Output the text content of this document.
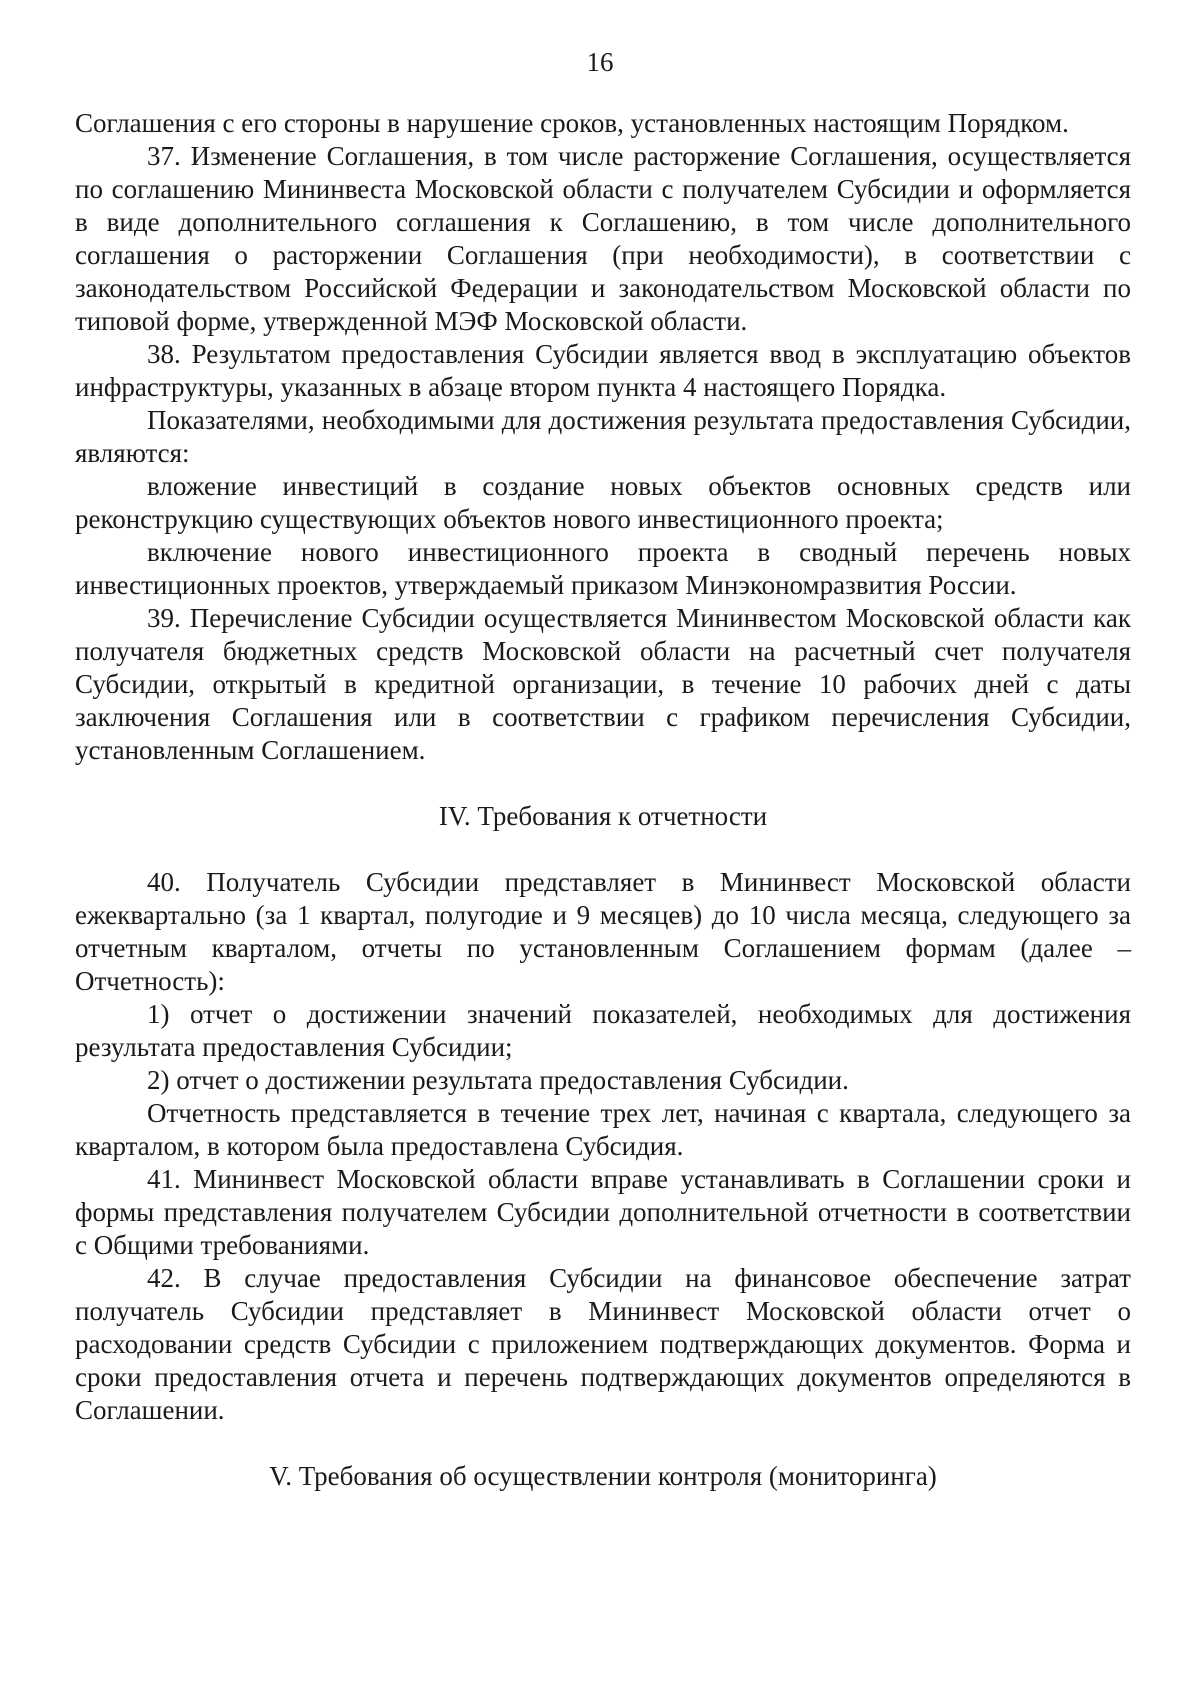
16

Соглашения с его стороны в нарушение сроков, установленных настоящим Порядком.

37. Изменение Соглашения, в том числе расторжение Соглашения, осуществляется по соглашению Мининвеста Московской области с получателем Субсидии и оформляется в виде дополнительного соглашения к Соглашению, в том числе дополнительного соглашения о расторжении Соглашения (при необходимости), в соответствии с законодательством Российской Федерации и законодательством Московской области по типовой форме, утвержденной МЭФ Московской области.

38. Результатом предоставления Субсидии является ввод в эксплуатацию объектов инфраструктуры, указанных в абзаце втором пункта 4 настоящего Порядка.

Показателями, необходимыми для достижения результата предоставления Субсидии, являются:

вложение инвестиций в создание новых объектов основных средств или реконструкцию существующих объектов нового инвестиционного проекта;

включение нового инвестиционного проекта в сводный перечень новых инвестиционных проектов, утверждаемый приказом Минэкономразвития России.

39. Перечисление Субсидии осуществляется Мининвестом Московской области как получателя бюджетных средств Московской области на расчетный счет получателя Субсидии, открытый в кредитной организации, в течение 10 рабочих дней с даты заключения Соглашения или в соответствии с графиком перечисления Субсидии, установленным Соглашением.

IV. Требования к отчетности

40. Получатель Субсидии представляет в Мининвест Московской области ежеквартально (за 1 квартал, полугодие и 9 месяцев) до 10 числа месяца, следующего за отчетным кварталом, отчеты по установленным Соглашением формам (далее – Отчетность):

1) отчет о достижении значений показателей, необходимых для достижения результата предоставления Субсидии;

2) отчет о достижении результата предоставления Субсидии.

Отчетность представляется в течение трех лет, начиная с квартала, следующего за кварталом, в котором была предоставлена Субсидия.

41. Мининвест Московской области вправе устанавливать в Соглашении сроки и формы представления получателем Субсидии дополнительной отчетности в соответствии с Общими требованиями.

42. В случае предоставления Субсидии на финансовое обеспечение затрат получатель Субсидии представляет в Мининвест Московской области отчет о расходовании средств Субсидии с приложением подтверждающих документов. Форма и сроки предоставления отчета и перечень подтверждающих документов определяются в Соглашении.

V. Требования об осуществлении контроля (мониторинга)
